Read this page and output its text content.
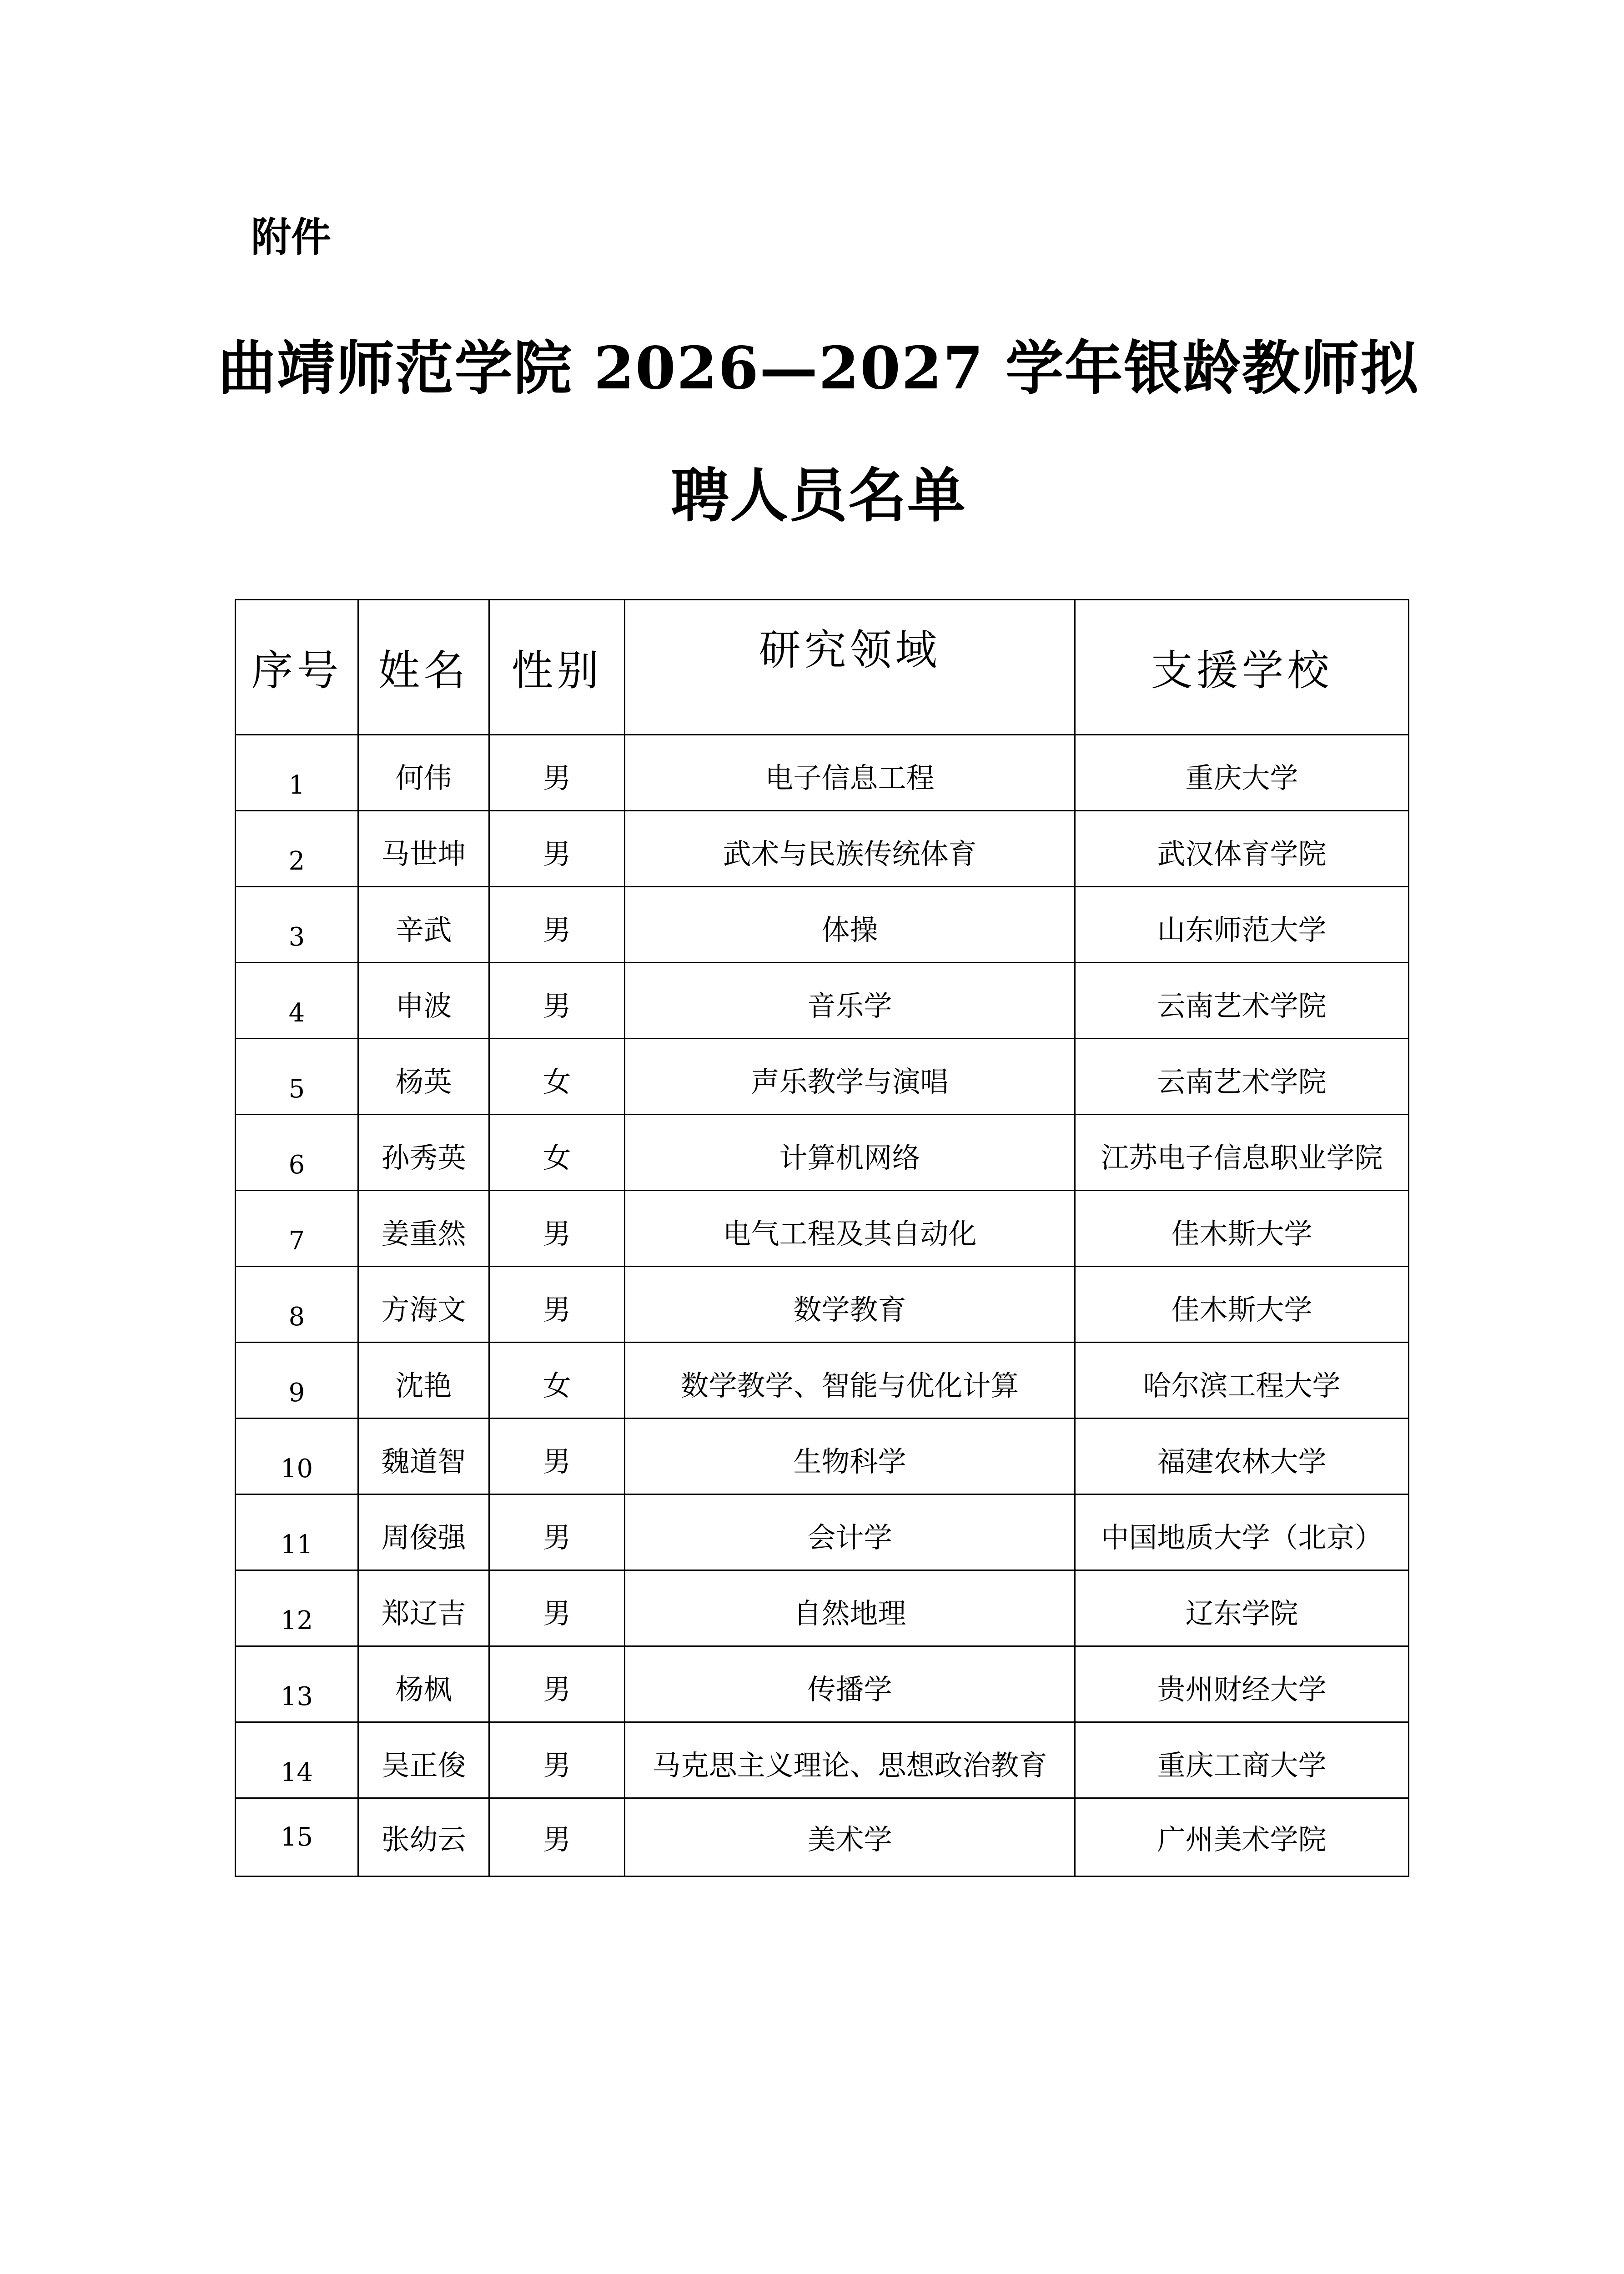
附件
曲靖师范学院 2026—2027 学年银龄教师拟
聘人员名单
序号	姓名	性别	研究领域	支援学校
1	何伟	男	电子信息工程	重庆大学
2	马世坤	男	武术与民族传统体育	武汉体育学院
3	辛武	男	体操	山东师范大学
4	申波	男	音乐学	云南艺术学院
5	杨英	女	声乐教学与演唱	云南艺术学院
6	孙秀英	女	计算机网络	江苏电子信息职业学院
7	姜重然	男	电气工程及其自动化	佳木斯大学
8	方海文	男	数学教育	佳木斯大学
9	沈艳	女	数学教学、智能与优化计算	哈尔滨工程大学
10	魏道智	男	生物科学	福建农林大学
11	周俊强	男	会计学	中国地质大学（北京）
12	郑辽吉	男	自然地理	辽东学院
13	杨枫	男	传播学	贵州财经大学
14	吴正俊	男	马克思主义理论、思想政治教育	重庆工商大学
15	张幼云	男	美术学	广州美术学院
